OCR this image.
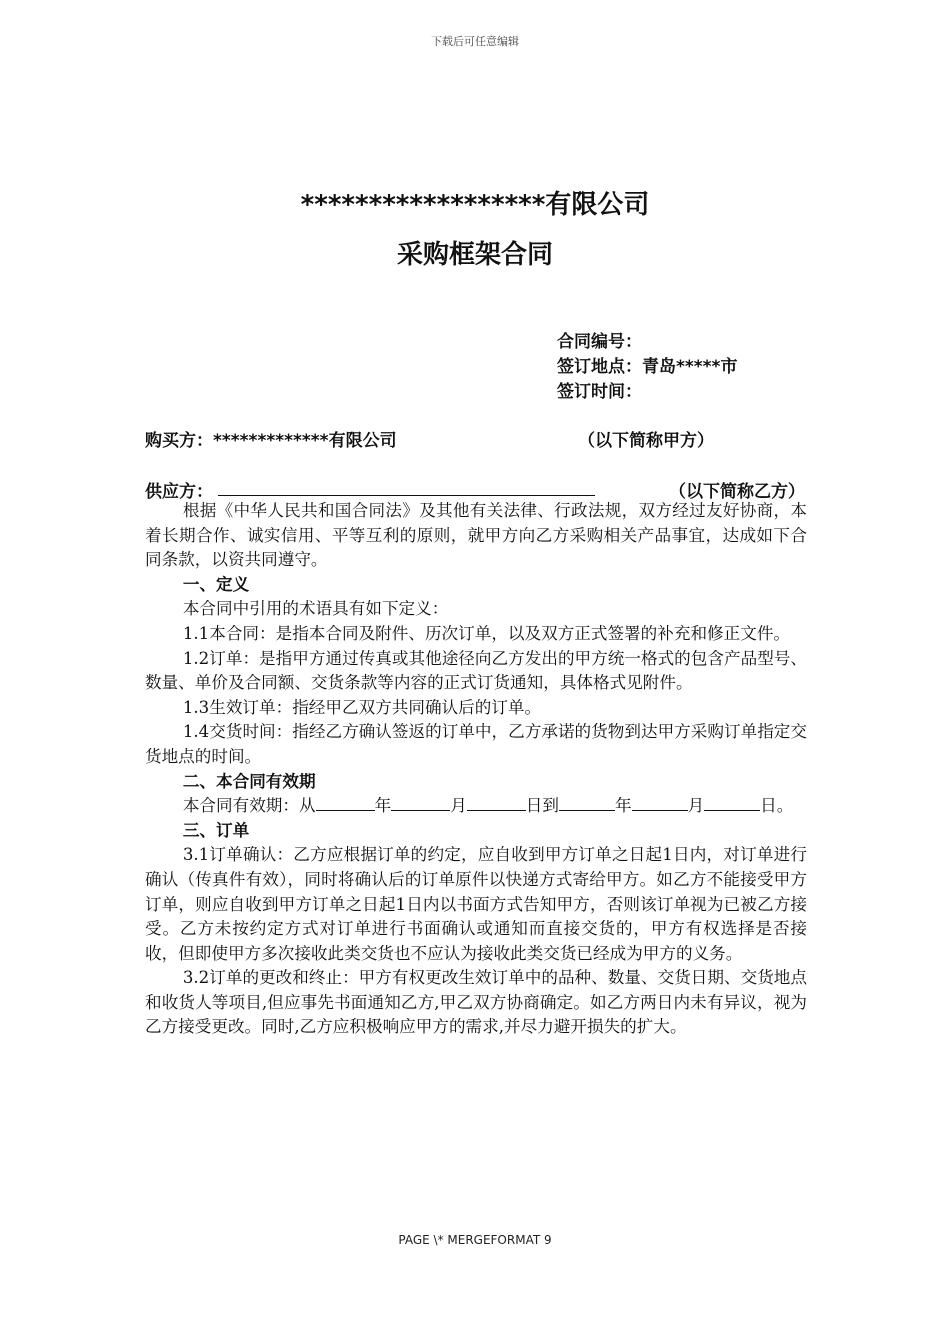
下载后可任意编辑
******************有限公司
采购框架合同
合同编号：
签订地点：青岛*****市
签订时间：
购买方：*************有限公司	（以下简称甲方）
供应方：	（以下简称乙方）

根据《中华人民共和国合同法》及其他有关法律、行政法规，双方经过友好协商，本着长期合作、诚实信用、平等互利的原则，就甲方向乙方采购相关产品事宜，达成如下合同条款，以资共同遵守。

一、定义

本合同中引用的术语具有如下定义：

1.1本合同：是指本合同及附件、历次订单，以及双方正式签署的补充和修正文件。

1.2订单：是指甲方通过传真或其他途径向乙方发出的甲方统一格式的包含产品型号、数量、单价及合同额、交货条款等内容的正式订货通知，具体格式见附件。

1.3生效订单：指经甲乙双方共同确认后的订单。

1.4交货时间：指经乙方确认签返的订单中，乙方承诺的货物到达甲方采购订单指定交货地点的时间。

二、本合同有效期

本合同有效期：从	年	月	日到	年	月	日。

三、订单

3.1订单确认：乙方应根据订单的约定，应自收到甲方订单之日起1日内，对订单进行确认（传真件有效），同时将确认后的订单原件以快递方式寄给甲方。如乙方不能接受甲方订单，则应自收到甲方订单之日起1日内以书面方式告知甲方，否则该订单视为已被乙方接受。乙方未按约定方式对订单进行书面确认或通知而直接交货的，甲方有权选择是否接收，但即使甲方多次接收此类交货也不应认为接收此类交货已经成为甲方的义务。

3.2订单的更改和终止：甲方有权更改生效订单中的品种、数量、交货日期、交货地点和收货人等项目,但应事先书面通知乙方,甲乙双方协商确定。如乙方两日内未有异议，视为乙方接受更改。同时,乙方应积极响应甲方的需求,并尽力避开损失的扩大。

PAGE \* MERGEFORMAT 9
